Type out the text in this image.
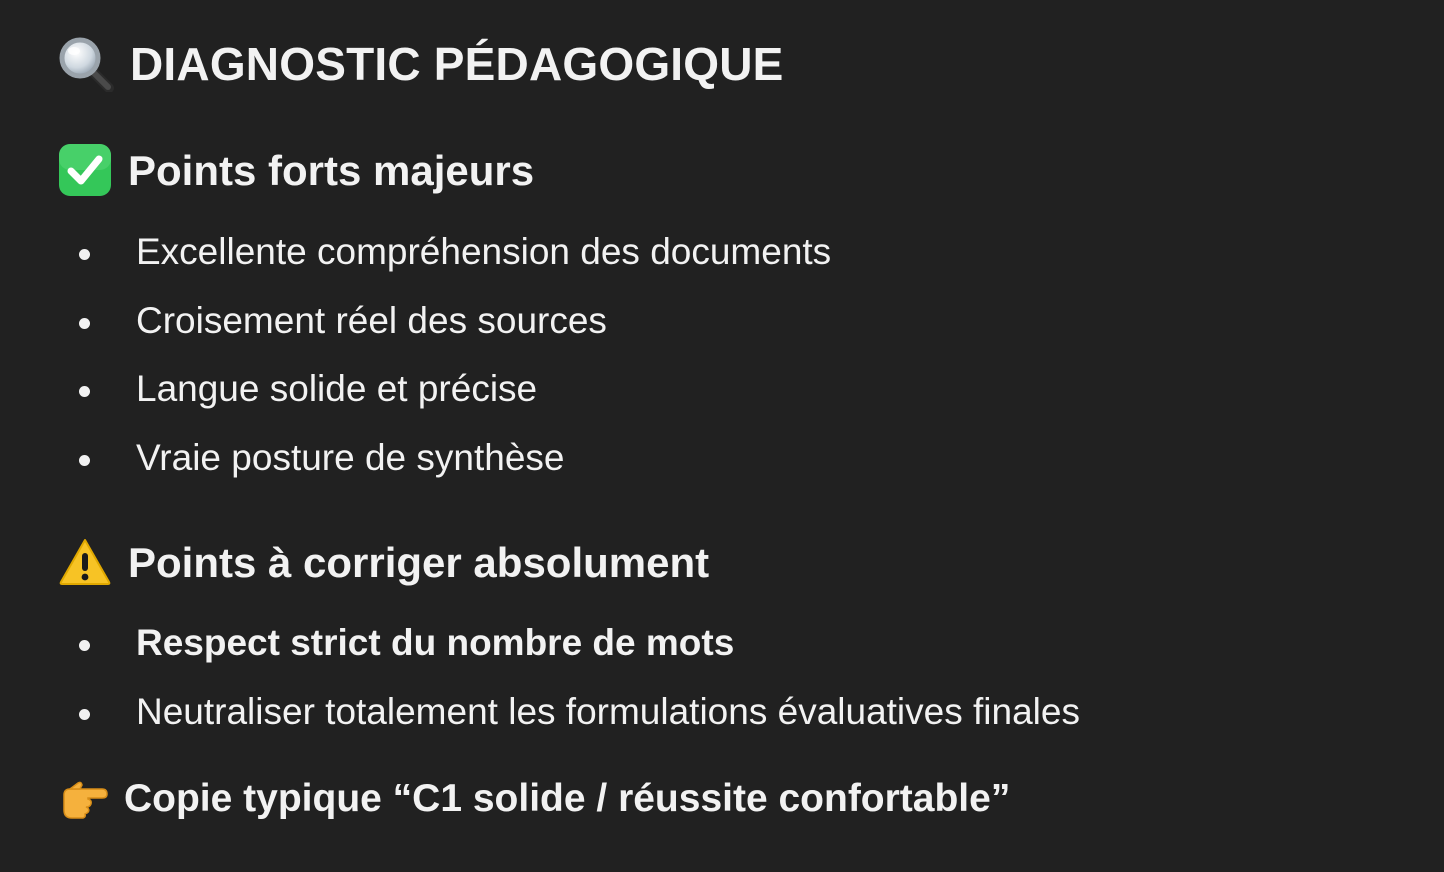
DIAGNOSTIC PÉDAGOGIQUE
Points forts majeurs
Excellente compréhension des documents
Croisement réel des sources
Langue solide et précise
Vraie posture de synthèse
Points à corriger absolument
Respect strict du nombre de mots
Neutraliser totalement les formulations évaluatives finales
Copie typique “C1 solide / réussite confortable”
